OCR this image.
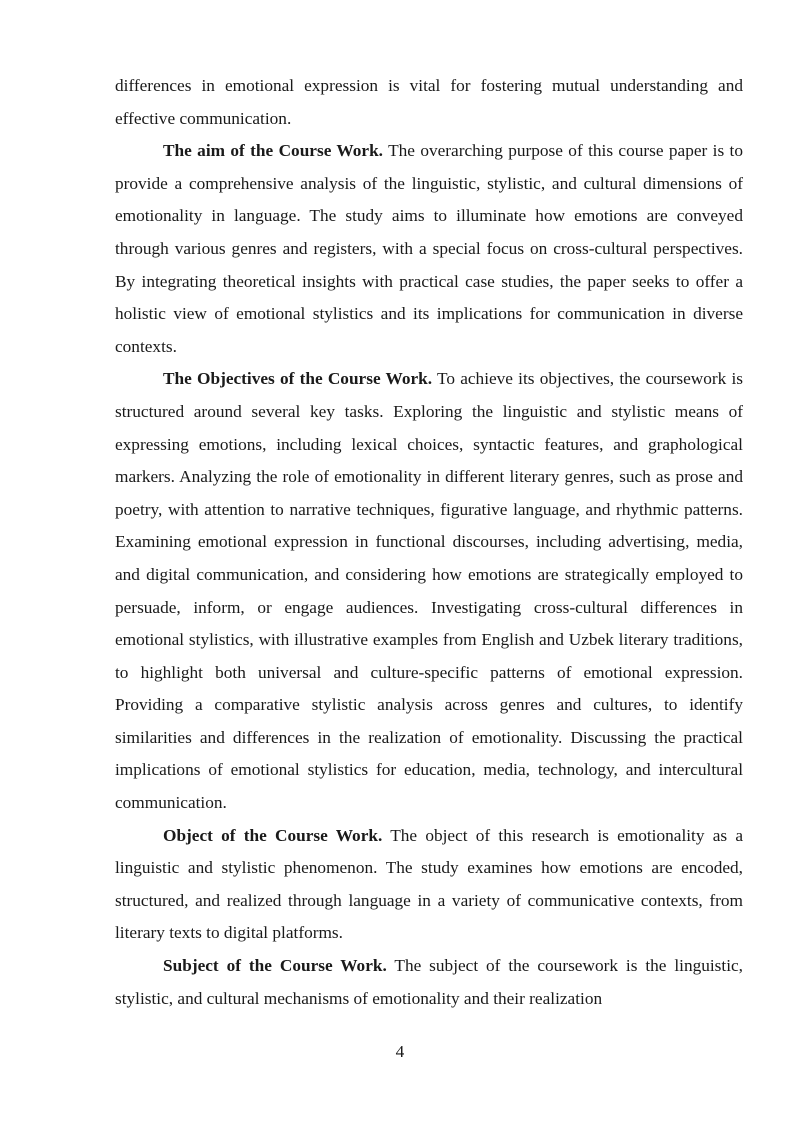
differences in emotional expression is vital for fostering mutual understanding and effective communication.

The aim of the Course Work. The overarching purpose of this course paper is to provide a comprehensive analysis of the linguistic, stylistic, and cultural dimensions of emotionality in language. The study aims to illuminate how emotions are conveyed through various genres and registers, with a special focus on cross-cultural perspectives. By integrating theoretical insights with practical case studies, the paper seeks to offer a holistic view of emotional stylistics and its implications for communication in diverse contexts.

The Objectives of the Course Work. To achieve its objectives, the coursework is structured around several key tasks. Exploring the linguistic and stylistic means of expressing emotions, including lexical choices, syntactic features, and graphological markers. Analyzing the role of emotionality in different literary genres, such as prose and poetry, with attention to narrative techniques, figurative language, and rhythmic patterns. Examining emotional expression in functional discourses, including advertising, media, and digital communication, and considering how emotions are strategically employed to persuade, inform, or engage audiences. Investigating cross-cultural differences in emotional stylistics, with illustrative examples from English and Uzbek literary traditions, to highlight both universal and culture-specific patterns of emotional expression. Providing a comparative stylistic analysis across genres and cultures, to identify similarities and differences in the realization of emotionality. Discussing the practical implications of emotional stylistics for education, media, technology, and intercultural communication.

Object of the Course Work. The object of this research is emotionality as a linguistic and stylistic phenomenon. The study examines how emotions are encoded, structured, and realized through language in a variety of communicative contexts, from literary texts to digital platforms.

Subject of the Course Work. The subject of the coursework is the linguistic, stylistic, and cultural mechanisms of emotionality and their realization

4
